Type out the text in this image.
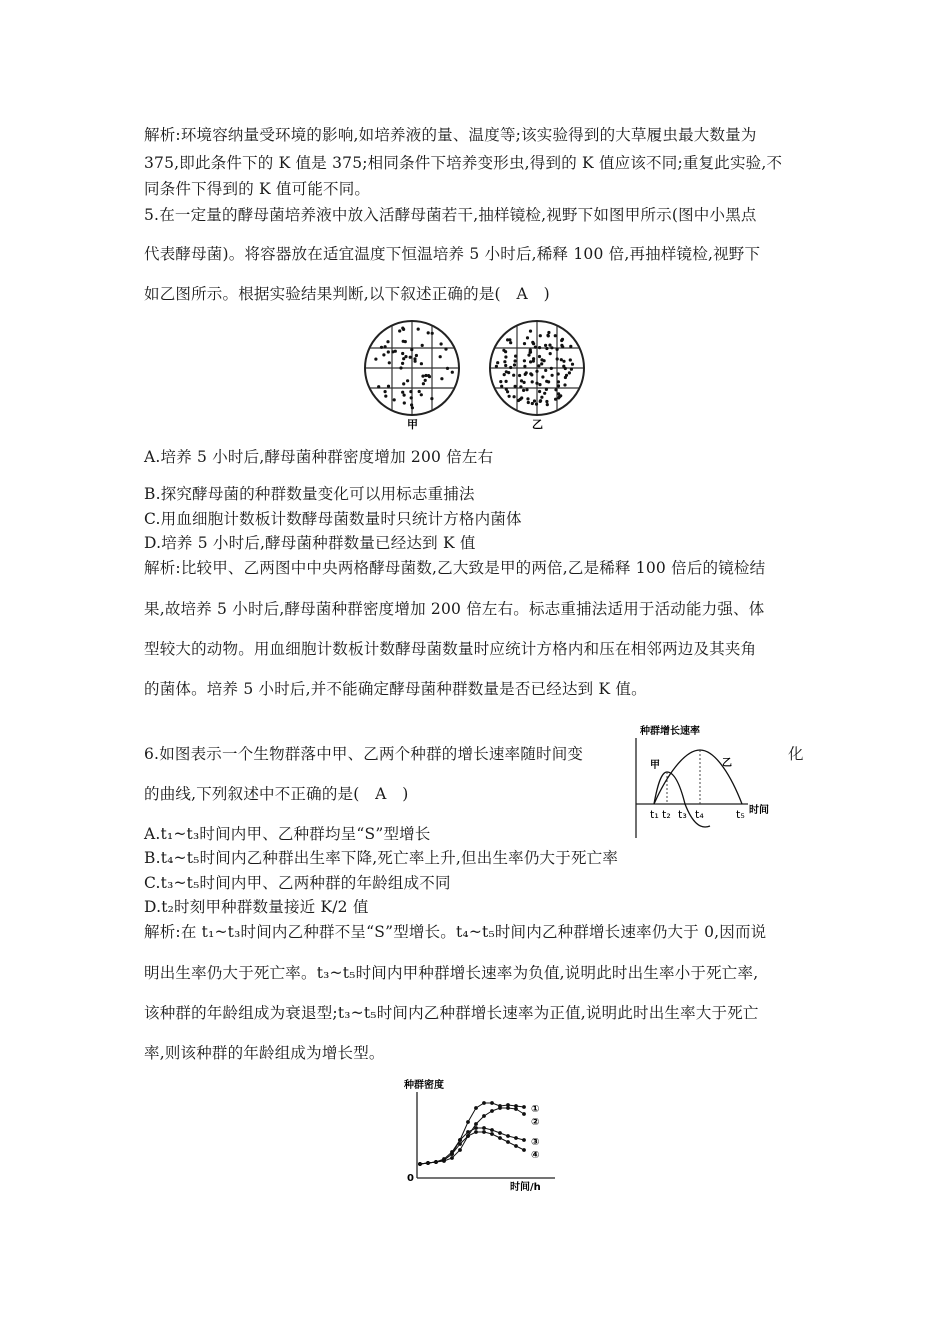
解析:环境容纳量受环境的影响,如培养液的量、温度等;该实验得到的大草履虫最大数量为
375,即此条件下的 K 值是 375;相同条件下培养变形虫,得到的 K 值应该不同;重复此实验,不
同条件下得到的 K 值可能不同。
5.在一定量的酵母菌培养液中放入活酵母菌若干,抽样镜检,视野下如图甲所示(图中小黑点
代表酵母菌)。将容器放在适宜温度下恒温培养 5 小时后,稀释 100 倍,再抽样镜检,视野下
如乙图所示。根据实验结果判断,以下叙述正确的是(　A　)
甲	乙
A.培养 5 小时后,酵母菌种群密度增加 200 倍左右
B.探究酵母菌的种群数量变化可以用标志重捕法
C.用血细胞计数板计数酵母菌数量时只统计方格内菌体
D.培养 5 小时后,酵母菌种群数量已经达到 K 值
解析:比较甲、乙两图中中央两格酵母菌数,乙大致是甲的两倍,乙是稀释 100 倍后的镜检结
果,故培养 5 小时后,酵母菌种群密度增加 200 倍左右。标志重捕法适用于活动能力强、体
型较大的动物。用血细胞计数板计数酵母菌数量时应统计方格内和压在相邻两边及其夹角
的菌体。培养 5 小时后,并不能确定酵母菌种群数量是否已经达到 K 值。
6.如图表示一个生物群落中甲、乙两个种群的增长速率随时间变	化
的曲线,下列叙述中不正确的是(　A　)
种群增长速率
时间
甲	乙
t₁ t₂ t₃ t₄	t₅
A.t₁~t₃时间内甲、乙种群均呈“S”型增长
B.t₄~t₅时间内乙种群出生率下降,死亡率上升,但出生率仍大于死亡率
C.t₃~t₅时间内甲、乙两种群的年龄组成不同
D.t₂时刻甲种群数量接近 K/2 值
解析:在 t₁~t₃时间内乙种群不呈“S”型增长。t₄~t₅时间内乙种群增长速率仍大于 0,因而说
明出生率仍大于死亡率。t₃~t₅时间内甲种群增长速率为负值,说明此时出生率小于死亡率,
该种群的年龄组成为衰退型;t₃~t₅时间内乙种群增长速率为正值,说明此时出生率大于死亡
率,则该种群的年龄组成为增长型。
种群密度
0
时间/h
①
②
③
④
